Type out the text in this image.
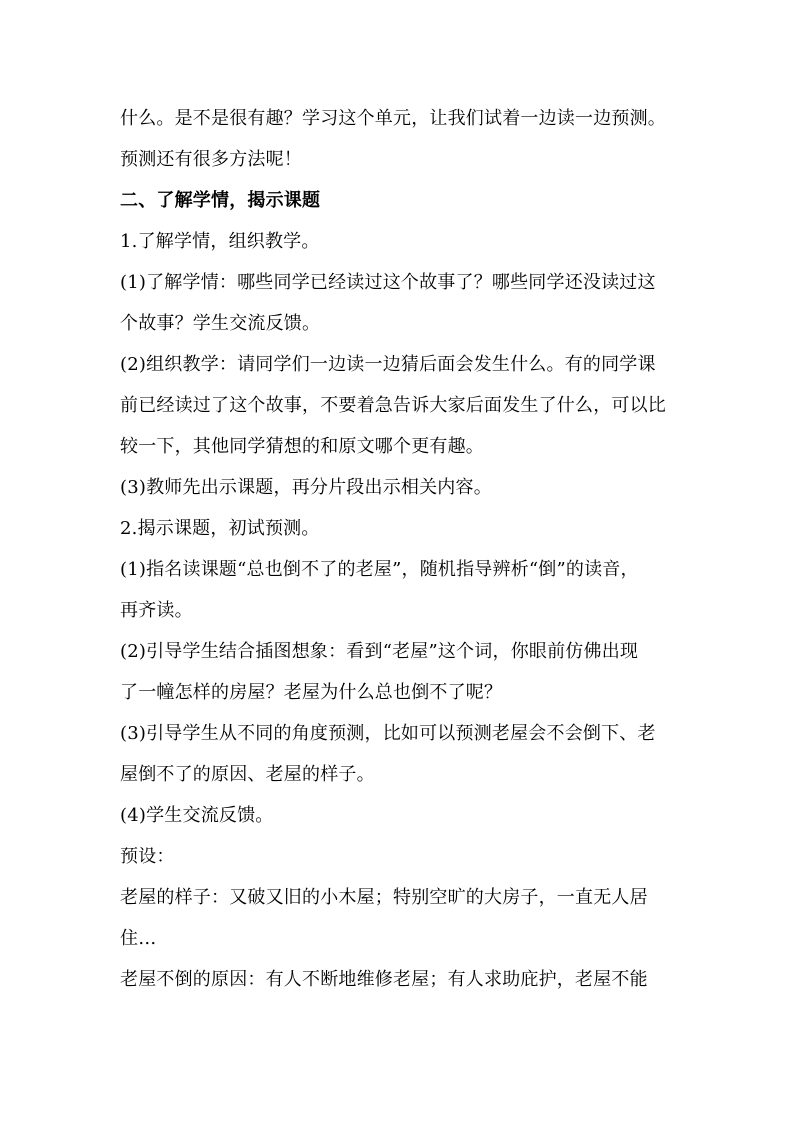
什么。是不是很有趣？学习这个单元，让我们试着一边读一边预测。
预测还有很多方法呢！
二、了解学情，揭示课题
1.了解学情，组织教学。
(1)了解学情：哪些同学已经读过这个故事了？哪些同学还没读过这
个故事？学生交流反馈。
(2)组织教学：请同学们一边读一边猜后面会发生什么。有的同学课
前已经读过了这个故事，不要着急告诉大家后面发生了什么，可以比
较一下，其他同学猜想的和原文哪个更有趣。
(3)教师先出示课题，再分片段出示相关内容。
2.揭示课题，初试预测。
(1)指名读课题“总也倒不了的老屋”，随机指导辨析“倒”的读音，
再齐读。
(2)引导学生结合插图想象：看到“老屋”这个词，你眼前仿佛出现
了一幢怎样的房屋？老屋为什么总也倒不了呢？
(3)引导学生从不同的角度预测，比如可以预测老屋会不会倒下、老
屋倒不了的原因、老屋的样子。
(4)学生交流反馈。
预设：
老屋的样子：又破又旧的小木屋；特别空旷的大房子，一直无人居
住…
老屋不倒的原因：有人不断地维修老屋；有人求助庇护，老屋不能
